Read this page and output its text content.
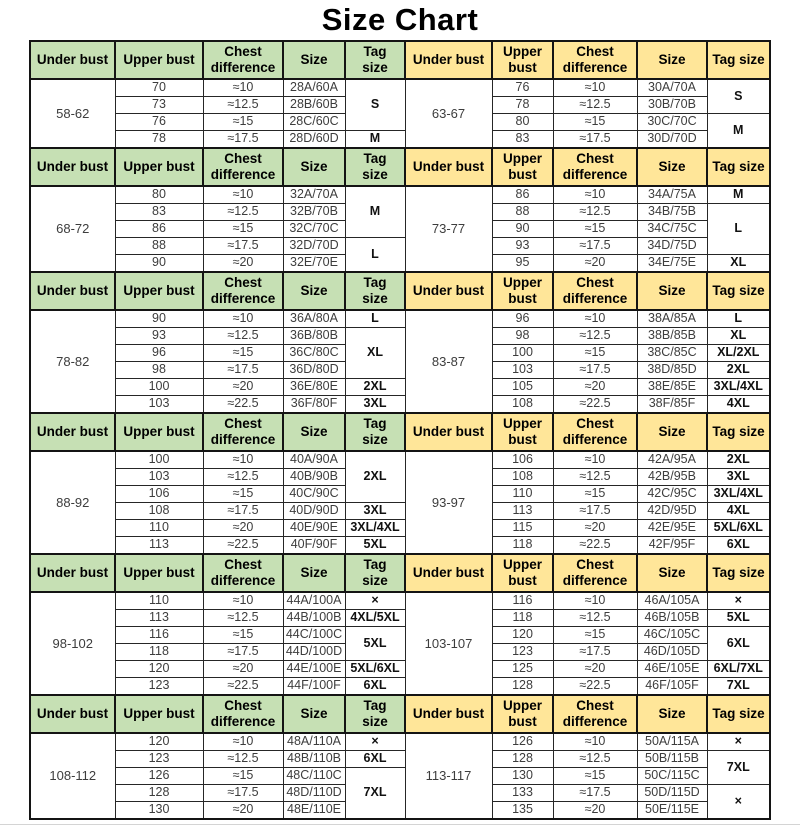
Size Chart
Under bust	Upper bust	Chest difference	Size	Tag size	Under bust	Upper bust	Chest difference	Size	Tag size
58-62	70	≈10	28A/60A	S	63-67	76	≈10	30A/70A	S
	73	≈12.5	28B/60B			78	≈12.5	30B/70B	
	76	≈15	28C/60C			80	≈15	30C/70C	M
	78	≈17.5	28D/60D	M		83	≈17.5	30D/70D	
Under bust	Upper bust	Chest difference	Size	Tag size	Under bust	Upper bust	Chest difference	Size	Tag size
68-72	80	≈10	32A/70A	M	73-77	86	≈10	34A/75A	M
	83	≈12.5	32B/70B			88	≈12.5	34B/75B	L
	86	≈15	32C/70C			90	≈15	34C/75C	
	88	≈17.5	32D/70D	L		93	≈17.5	34D/75D	
	90	≈20	32E/70E			95	≈20	34E/75E	XL
Under bust	Upper bust	Chest difference	Size	Tag size	Under bust	Upper bust	Chest difference	Size	Tag size
78-82	90	≈10	36A/80A	L	83-87	96	≈10	38A/85A	L
	93	≈12.5	36B/80B	XL		98	≈12.5	38B/85B	XL
	96	≈15	36C/80C			100	≈15	38C/85C	XL/2XL
	98	≈17.5	36D/80D			103	≈17.5	38D/85D	2XL
	100	≈20	36E/80E	2XL		105	≈20	38E/85E	3XL/4XL
	103	≈22.5	36F/80F	3XL		108	≈22.5	38F/85F	4XL
Under bust	Upper bust	Chest difference	Size	Tag size	Under bust	Upper bust	Chest difference	Size	Tag size
88-92	100	≈10	40A/90A	2XL	93-97	106	≈10	42A/95A	2XL
	103	≈12.5	40B/90B			108	≈12.5	42B/95B	3XL
	106	≈15	40C/90C			110	≈15	42C/95C	3XL/4XL
	108	≈17.5	40D/90D	3XL		113	≈17.5	42D/95D	4XL
	110	≈20	40E/90E	3XL/4XL		115	≈20	42E/95E	5XL/6XL
	113	≈22.5	40F/90F	5XL		118	≈22.5	42F/95F	6XL
Under bust	Upper bust	Chest difference	Size	Tag size	Under bust	Upper bust	Chest difference	Size	Tag size
98-102	110	≈10	44A/100A	×	103-107	116	≈10	46A/105A	×
	113	≈12.5	44B/100B	4XL/5XL		118	≈12.5	46B/105B	5XL
	116	≈15	44C/100C	5XL		120	≈15	46C/105C	6XL
	118	≈17.5	44D/100D			123	≈17.5	46D/105D	
	120	≈20	44E/100E	5XL/6XL		125	≈20	46E/105E	6XL/7XL
	123	≈22.5	44F/100F	6XL		128	≈22.5	46F/105F	7XL
Under bust	Upper bust	Chest difference	Size	Tag size	Under bust	Upper bust	Chest difference	Size	Tag size
108-112	120	≈10	48A/110A	×	113-117	126	≈10	50A/115A	×
	123	≈12.5	48B/110B	6XL		128	≈12.5	50B/115B	7XL
	126	≈15	48C/110C	7XL		130	≈15	50C/115C	
	128	≈17.5	48D/110D			133	≈17.5	50D/115D	×
	130	≈20	48E/110E			135	≈20	50E/115E	
